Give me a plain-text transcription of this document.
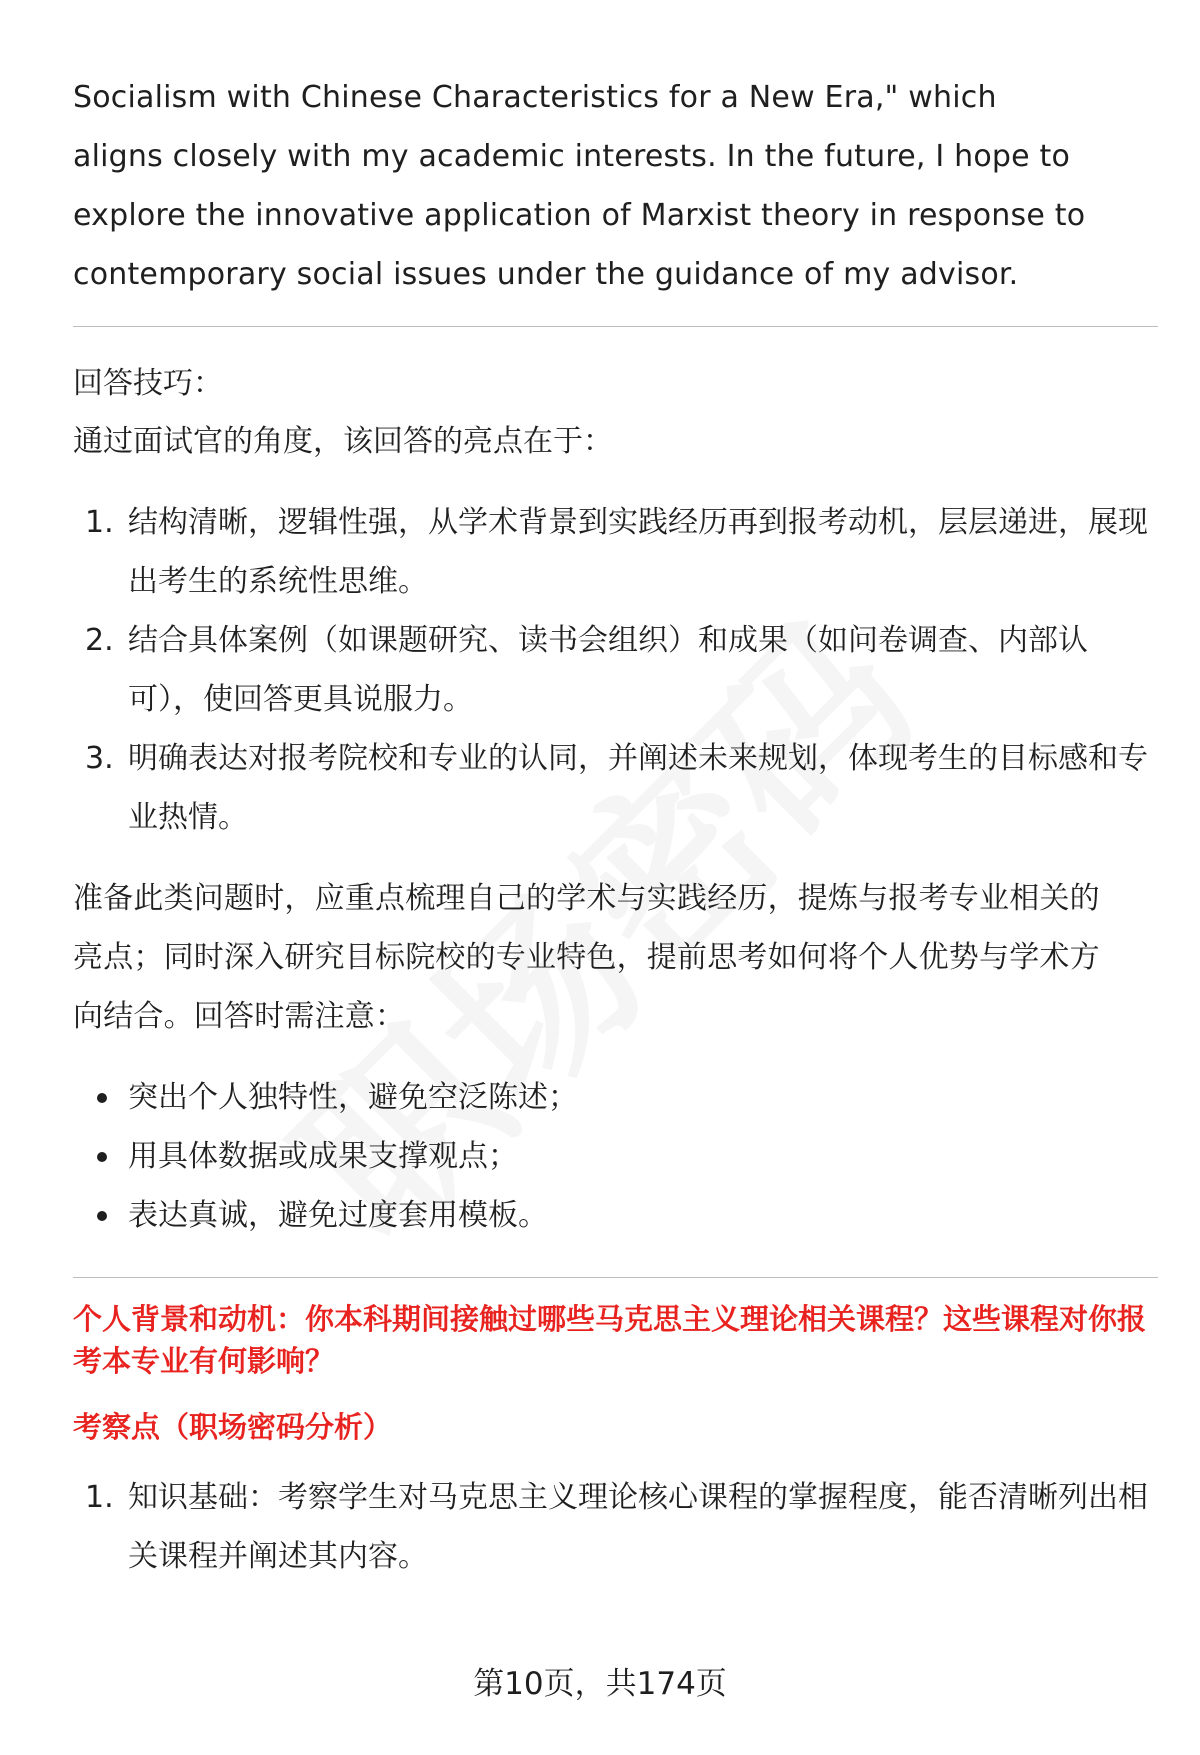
Socialism with Chinese Characteristics for a New Era," which aligns closely with my academic interests. In the future, I hope to explore the innovative application of Marxist theory in response to contemporary social issues under the guidance of my advisor.

回答技巧：

通过面试官的角度，该回答的亮点在于：

1. 结构清晰，逻辑性强，从学术背景到实践经历再到报考动机，层层递进，展现出考生的系统性思维。
2. 结合具体案例（如课题研究、读书会组织）和成果（如问卷调查、内部认可），使回答更具说服力。
3. 明确表达对报考院校和专业的认同，并阐述未来规划，体现考生的目标感和专业热情。

准备此类问题时，应重点梳理自己的学术与实践经历，提炼与报考专业相关的亮点；同时深入研究目标院校的专业特色，提前思考如何将个人优势与学术方向结合。回答时需注意：

突出个人独特性，避免空泛陈述；
用具体数据或成果支撑观点；
表达真诚，避免过度套用模板。

个人背景和动机：你本科期间接触过哪些马克思主义理论相关课程？这些课程对你报考本专业有何影响？

考察点（职场密码分析）

1. 知识基础：考察学生对马克思主义理论核心课程的掌握程度，能否清晰列出相关课程并阐述其内容。
第10页，共174页
